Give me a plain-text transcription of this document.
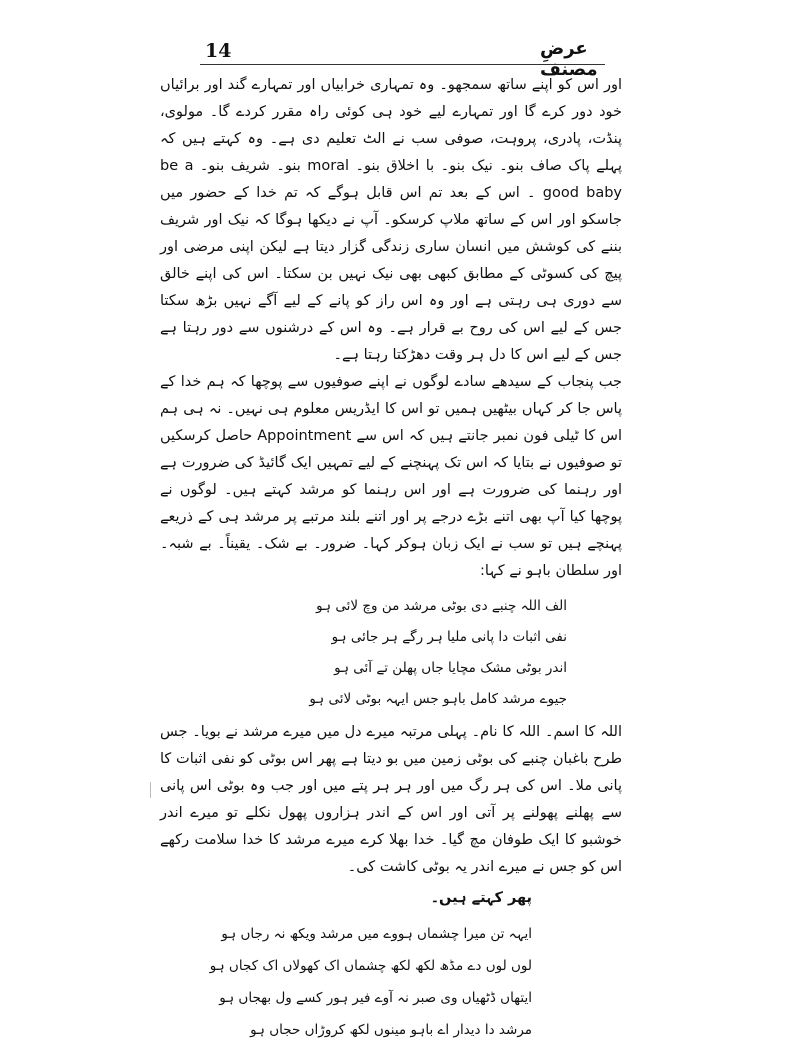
14	عرضِ مصنف

اور اس کو اپنے ساتھ سمجھو۔ وہ تمہاری خرابیاں اور تمہارے گند اور برائیاں خود دور کرے گا اور تمہارے لیے خود ہی کوئی راہ مقرر کردے گا۔ مولوی، پنڈت، پادری، پروہت، صوفی سب نے الٹ تعلیم دی ہے۔ وہ کہتے ہیں کہ پہلے پاک صاف بنو۔ نیک بنو۔ با اخلاق بنو۔ moral بنو۔ شریف بنو۔ be a good baby ۔ اس کے بعد تم اس قابل ہوگے کہ تم خدا کے حضور میں جاسکو اور اس کے ساتھ ملاپ کرسکو۔ آپ نے دیکھا ہوگا کہ نیک اور شریف بننے کی کوشش میں انسان ساری زندگی گزار دیتا ہے لیکن اپنی مرضی اور پیچ کی کسوٹی کے مطابق کبھی بھی نیک نہیں بن سکتا۔ اس کی اپنے خالق سے دوری ہی رہتی ہے اور وہ اس راز کو پانے کے لیے آگے نہیں بڑھ سکتا جس کے لیے اس کی روح بے قرار ہے۔ وہ اس کے درشنوں سے دور رہتا ہے جس کے لیے اس کا دل ہر وقت دھڑکتا رہتا ہے۔

جب پنجاب کے سیدھے سادے لوگوں نے اپنے صوفیوں سے پوچھا کہ ہم خدا کے پاس جا کر کہاں بیٹھیں ہمیں تو اس کا ایڈریس معلوم ہی نہیں۔ نہ ہی ہم اس کا ٹیلی فون نمبر جانتے ہیں کہ اس سے Appointment حاصل کرسکیں تو صوفیوں نے بتایا کہ اس تک پہنچنے کے لیے تمہیں ایک گائیڈ کی ضرورت ہے اور رہنما کی ضرورت ہے اور اس رہنما کو مرشد کہتے ہیں۔ لوگوں نے پوچھا کیا آپ بھی اتنے بڑے درجے پر اور اتنے بلند مرتبے پر مرشد ہی کے ذریعے پہنچے ہیں تو سب نے ایک زبان ہوکر کہا۔ ضرور۔ بے شک۔ یقیناً۔ بے شبہ۔ اور سلطان باہو نے کہا:

الف اللہ چنبے دی بوٹی مرشد من وچ لائی ہو

نفی اثبات دا پانی ملیا ہر رگے ہر جائی ہو

اندر بوٹی مشک مچایا جاں پھلن تے آئی ہو

جیوے مرشد کامل باہو جس ایہہ بوٹی لائی ہو

اللہ کا اسم۔ اللہ کا نام۔ پہلی مرتبہ میرے دل میں میرے مرشد نے بویا۔ جس طرح باغبان چنبے کی بوٹی زمین میں بو دیتا ہے پھر اس بوٹی کو نفی اثبات کا پانی ملا۔ اس کی ہر رگ میں اور ہر ہر پتے میں اور جب وہ بوٹی اس پانی سے پھلنے پھولنے پر آتی اور اس کے اندر ہزاروں پھول نکلے تو میرے اندر خوشبو کا ایک طوفان مچ گیا۔ خدا بھلا کرے میرے مرشد کا خدا سلامت رکھے اس کو جس نے میرے اندر یہ بوٹی کاشت کی۔

پھر کہتے ہیں۔

ایہہ تن میرا چشماں ہووے میں مرشد ویکھ نہ رجاں ہو

لوں لوں دے مڈھ لکھ لکھ چشماں اک کھولاں اک کجاں ہو

ایتھاں ڈٹھیاں وی صبر نہ آوے فیر ہور کسے ول بھجاں ہو

مرشد دا دیدار اے باہو مینوں لکھ کروڑاں حجاں ہو
